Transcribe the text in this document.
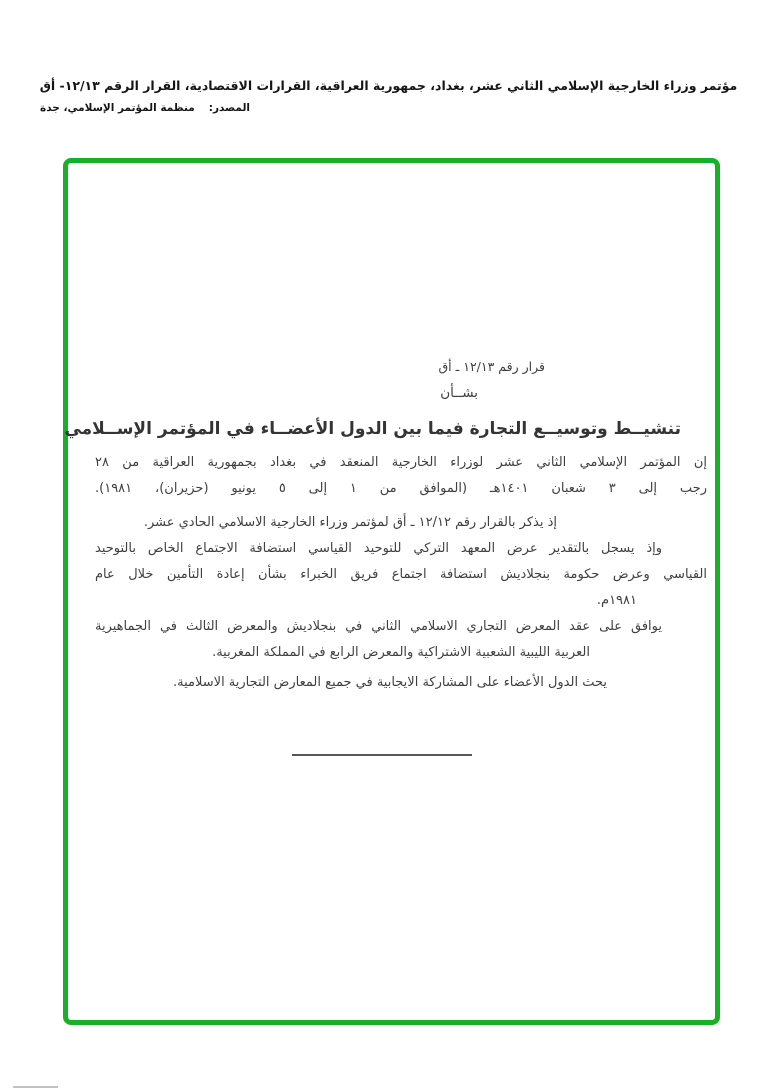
مؤتمر وزراء الخارجية الإسلامي الثاني عشر، بغداد، جمهورية العراقية، القرارات الاقتصادية، القرار الرقم ١٢/١٣- أق
المصدر:منظمة المؤتمر الإسلامي، جدة
قرار رقم ١٢/١٣ ـ أق
بشــأن
تنشيــط وتوسيــع التجارة فيما بين الدول الأعضــاء في المؤتمر الإســلامي
إن المؤتمر الإسلامي الثاني عشر لوزراء الخارجية المنعقد في بغداد بجمهورية العراقية من ٢٨
رجب إلى ٣ شعبان ١٤٠١هـ (الموافق من ١ إلى ٥ يونيو (حزيران)، ١٩٨١).
إذ يذكر بالقرار رقم ١٢/١٢ ـ أق لمؤتمر وزراء الخارجية الاسلامي الحادي عشر.
وإذ يسجل بالتقدير عرض المعهد التركي للتوحيد القياسي استضافة الاجتماع الخاص بالتوحيد
القياسي وعرض حكومة بنجلاديش استضافة اجتماع فريق الخبراء بشأن إعادة التأمين خلال عام
١٩٨١م.
يوافق على عقد المعرض التجاري الاسلامي الثاني في بنجلاديش والمعرض الثالث في الجماهيرية
العربية الليبية الشعبية الاشتراكية والمعرض الرابع في المملكة المغربية.
يحث الدول الأعضاء على المشاركة الايجابية في جميع المعارض التجارية الاسلامية.
